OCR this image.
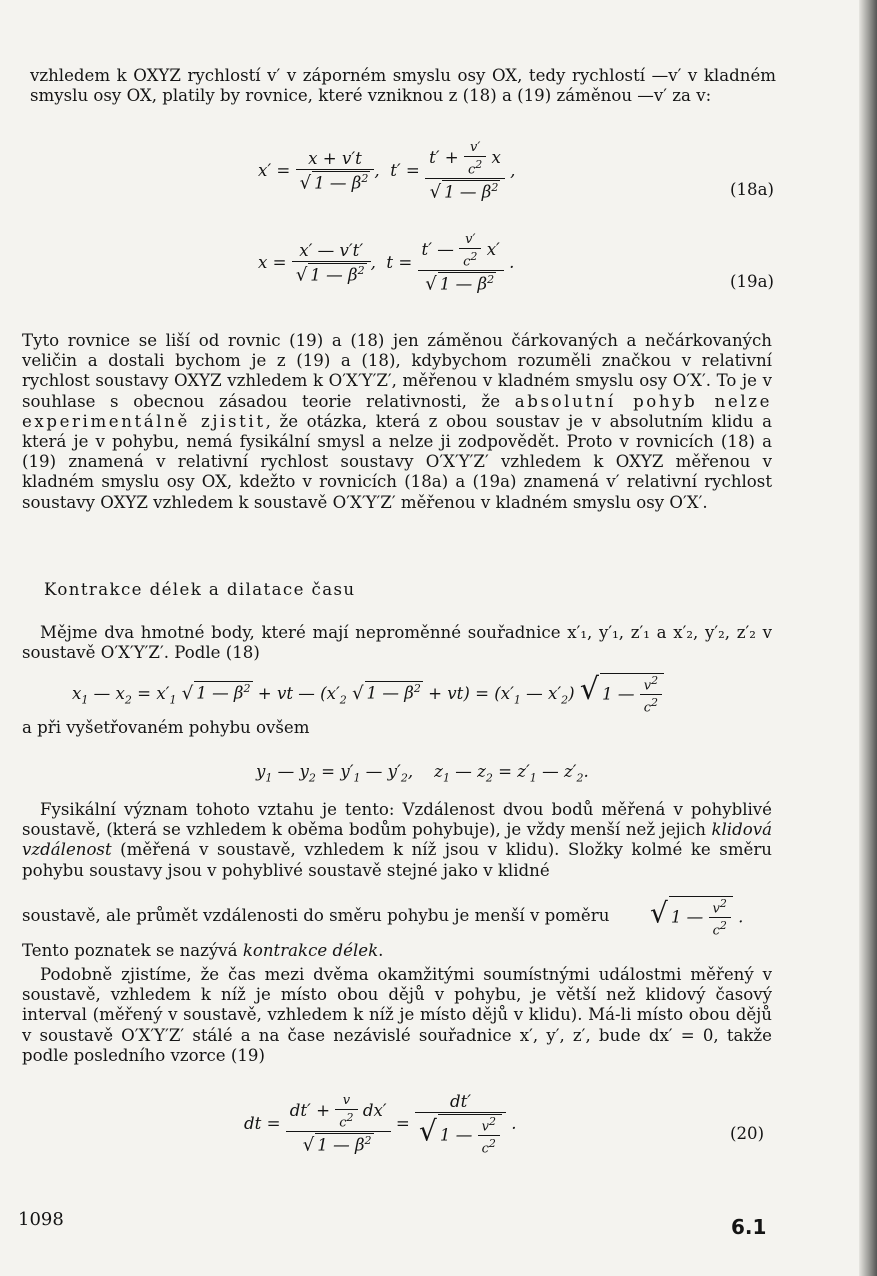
vzhledem k OXYZ rychlostí v′ v záporném smyslu osy OX, tedy rychlostí —v′ v kladném smyslu osy OX, platily by rovnice, které vzniknou z (18) a (19) záměnou —v′ za v:
$x' = \frac{x + v't}{√ 1 — \beta^2}$ ,  $t' = \frac{t' + \frac{v'}{c^2} x}{√ 1 — \beta^2}$ ,
(18a)
$x = \frac{x' — v't'}{√ 1 — \beta^2}$ ,  $t = \frac{t' — \frac{v'}{c^2} x'}{√ 1 — \beta^2}$ .
(19a)
Tyto rovnice se liší od rovnic (19) a (18) jen záměnou čárkovaných a nečárkovaných veličin a dostali bychom je z (19) a (18), kdybychom rozuměli značkou v relativní rychlost soustavy OXYZ vzhledem k O′X′Y′Z′, měřenou v kladném smyslu osy O′X′. To je v souhlase s obecnou zásadou teorie relativnosti, že absolutní pohyb nelze experimentálně zjistit, že otázka, která z obou soustav je v absolutním klidu a která je v pohybu, nemá fysikální smysl a nelze ji zodpovědět. Proto v rovnicích (18) a (19) znamená v relativní rychlost soustavy O′X′Y′Z′ vzhledem k OXYZ měřenou v kladném smyslu osy OX, kdežto v rovnicích (18a) a (19a) znamená v′ relativní rychlost soustavy OXYZ vzhledem k soustavě O′X′Y′Z′ měřenou v kladném smyslu osy O′X′.
Kontrakce délek a dilatace času
Mějme dva hmotné body, které mají neproměnné souřadnice x′₁, y′₁, z′₁ a x′₂, y′₂, z′₂ v soustavě O′X′Y′Z′. Podle (18)
$x_1$ — $x_2 = x'_1$ √ 1 — $\beta^2$ + vt — ($x'_2$ √ 1 — $\beta^2 + vt) = (x'_1$ — $x'_2$) √ 1 — $\frac{v^2}{c^2}$
a při vyšetřovaném pohybu ovšem
$y_1$ — $y_2 = y'_1$ — $y'_2$,    $z_1$ — $z_2 = z'_1$ — $z'_2$.
Fysikální význam tohoto vztahu je tento: Vzdálenost dvou bodů měřená v pohyblivé soustavě, (která se vzhledem k oběma bodům pohybuje), je vždy menší než jejich klidová vzdálenost (měřená v soustavě, vzhledem k níž jsou v klidu). Složky kolmé ke směru pohybu soustavy jsou v pohyblivé soustavě stejné jako v klidné
soustavě, ale průmět vzdálenosti do směru pohybu je menší v poměru	√ 1 — $\frac{v^2}{c^2}$ .
Tento poznatek se nazývá kontrakce délek.
Podobně zjistíme, že čas mezi dvěma okamžitými soumístnými událostmi měřený v soustavě, vzhledem k níž je místo obou dějů v pohybu, je větší než klidový časový interval (měřený v soustavě, vzhledem k níž je místo dějů v klidu). Má-li místo obou dějů v soustavě O′X′Y′Z′ stálé a na čase nezávislé souřadnice x′, y′, z′, bude dx′ = 0, takže podle posledního vzorce (19)
dt = $\frac{dt' + \frac{v}{c^2} dx'}{√ 1 — \beta^2} = \frac{dt'}{√ 1 — \frac{v^2}{c^2}}$ .
(20)
1098	6.1
